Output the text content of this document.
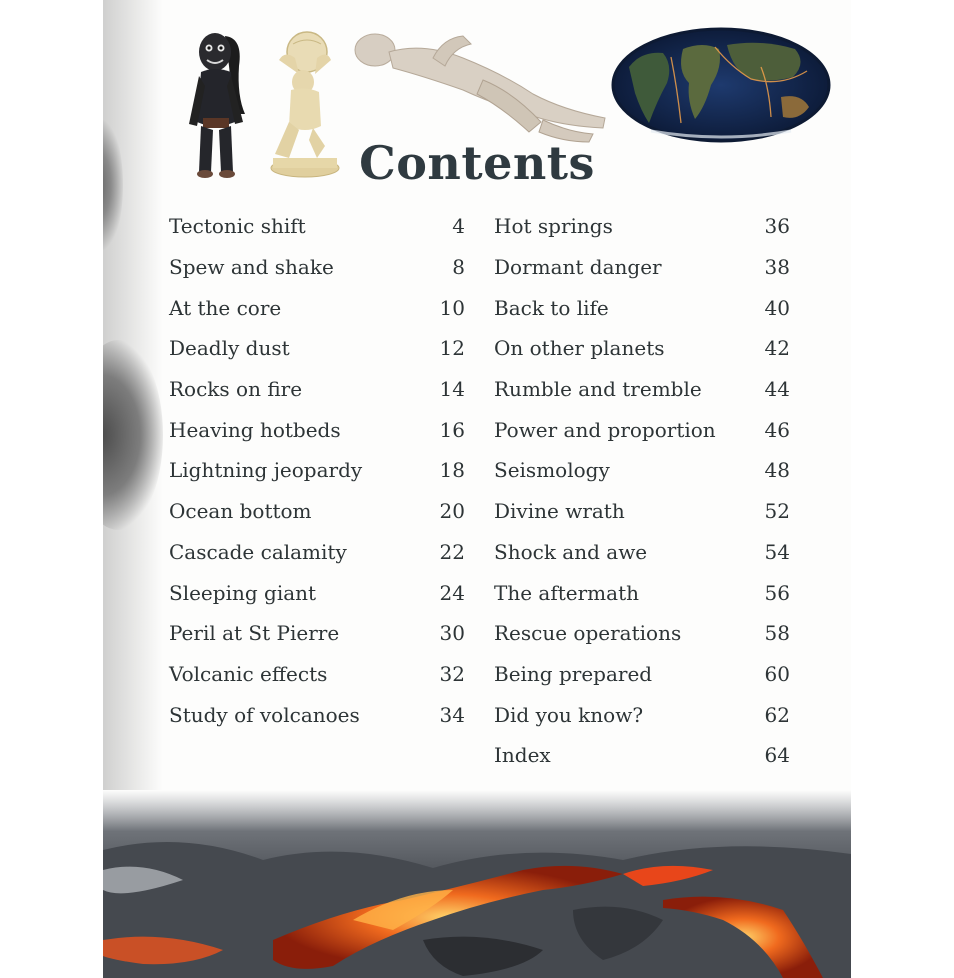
Contents
Tectonic shift	4
Spew and shake	8
At the core	10
Deadly dust	12
Rocks on fire	14
Heaving hotbeds	16
Lightning jeopardy	18
Ocean bottom	20
Cascade calamity	22
Sleeping giant	24
Peril at St Pierre	30
Volcanic effects	32
Study of volcanoes	34
Hot springs	36
Dormant danger	38
Back to life	40
On other planets	42
Rumble and tremble	44
Power and proportion 46
Seismology	48
Divine wrath	52
Shock and awe	54
The aftermath	56
Rescue operations	58
Being prepared	60
Did you know?	62
Index	64
